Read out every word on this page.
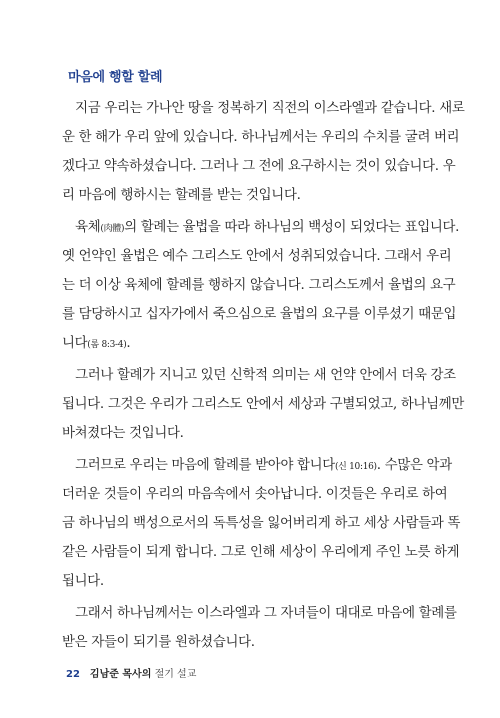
마음에 행할 할례
　지금 우리는 가나안 땅을 정복하기 직전의 이스라엘과 같습니다. 새로
운 한 해가 우리 앞에 있습니다. 하나님께서는 우리의 수치를 굴려 버리
겠다고 약속하셨습니다. 그러나 그 전에 요구하시는 것이 있습니다. 우
리 마음에 행하시는 할례를 받는 것입니다.
　육체(肉體)의 할례는 율법을 따라 하나님의 백성이 되었다는 표입니다.
옛 언약인 율법은 예수 그리스도 안에서 성취되었습니다. 그래서 우리
는 더 이상 육체에 할례를 행하지 않습니다. 그리스도께서 율법의 요구
를 담당하시고 십자가에서 죽으심으로 율법의 요구를 이루셨기 때문입
니다(롬 8:3-4).
　그러나 할례가 지니고 있던 신학적 의미는 새 언약 안에서 더욱 강조
됩니다. 그것은 우리가 그리스도 안에서 세상과 구별되었고, 하나님께만
바쳐졌다는 것입니다.
　그러므로 우리는 마음에 할례를 받아야 합니다(신 10:16). 수많은 악과
더러운 것들이 우리의 마음속에서 솟아납니다. 이것들은 우리로 하여
금 하나님의 백성으로서의 독특성을 잃어버리게 하고 세상 사람들과 똑
같은 사람들이 되게 합니다. 그로 인해 세상이 우리에게 주인 노릇 하게
됩니다.
　그래서 하나님께서는 이스라엘과 그 자녀들이 대대로 마음에 할례를
받은 자들이 되기를 원하셨습니다.
22 김남준 목사의 절기 설교
